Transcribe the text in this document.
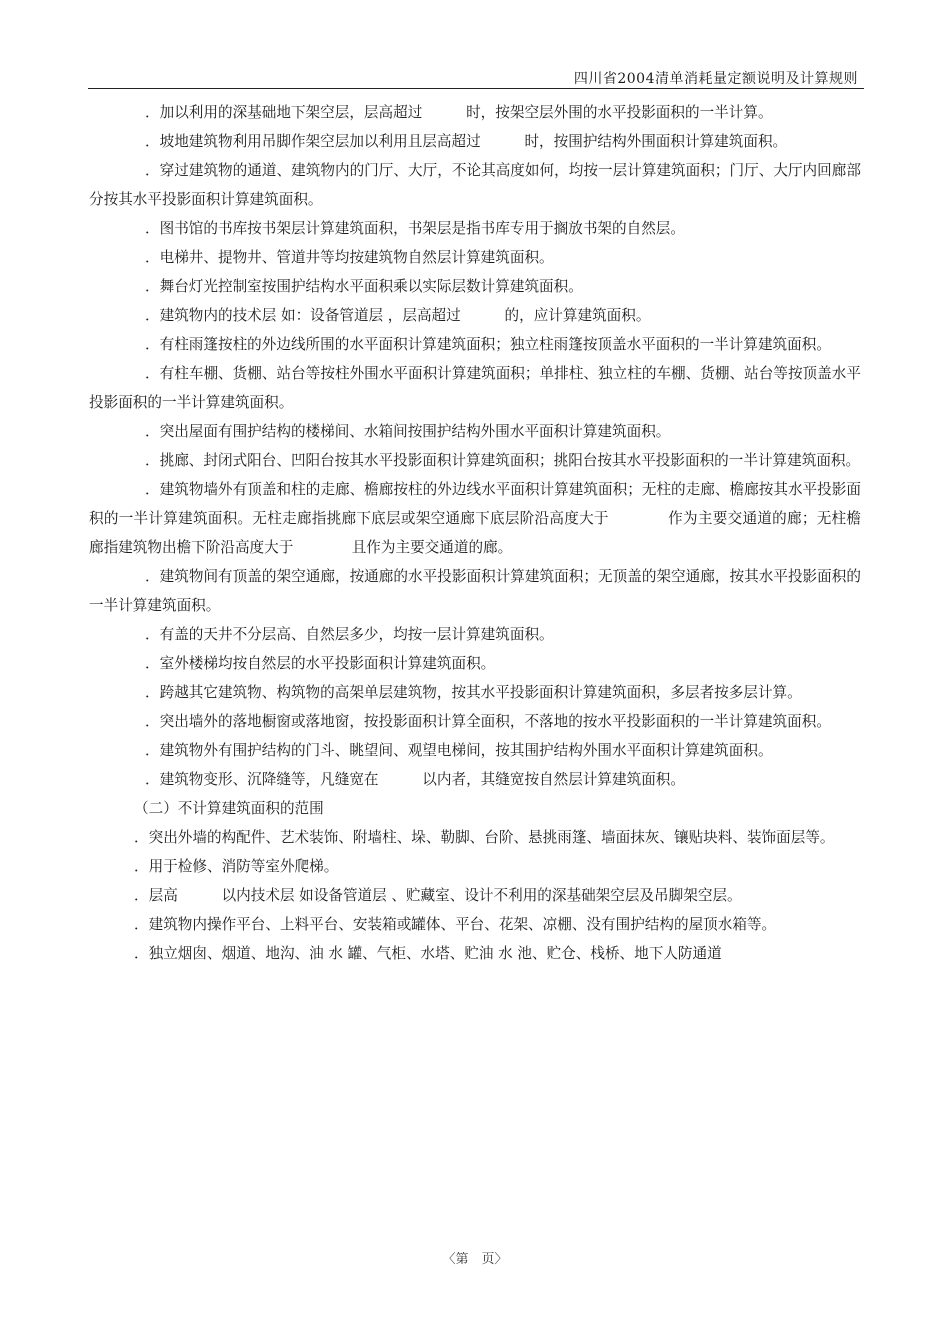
四川省2004清单消耗量定额说明及计算规则

．加以利用的深基础地下架空层，层高超过　　　时，按架空层外围的水平投影面积的一半计算。

．坡地建筑物利用吊脚作架空层加以利用且层高超过　　　时，按围护结构外围面积计算建筑面积。

．穿过建筑物的通道、建筑物内的门厅、大厅，不论其高度如何，均按一层计算建筑面积；门厅、大厅内回廊部分按其水平投影面积计算建筑面积。

．图书馆的书库按书架层计算建筑面积，书架层是指书库专用于搁放书架的自然层。

．电梯井、提物井、管道井等均按建筑物自然层计算建筑面积。

．舞台灯光控制室按围护结构水平面积乘以实际层数计算建筑面积。

．建筑物内的技术层 如：设备管道层 ，层高超过　　　的，应计算建筑面积。

．有柱雨篷按柱的外边线所围的水平面积计算建筑面积；独立柱雨篷按顶盖水平面积的一半计算建筑面积。

．有柱车棚、货棚、站台等按柱外围水平面积计算建筑面积；单排柱、独立柱的车棚、货棚、站台等按顶盖水平投影面积的一半计算建筑面积。

．突出屋面有围护结构的楼梯间、水箱间按围护结构外围水平面积计算建筑面积。

．挑廊、封闭式阳台、凹阳台按其水平投影面积计算建筑面积；挑阳台按其水平投影面积的一半计算建筑面积。

．建筑物墙外有顶盖和柱的走廊、檐廊按柱的外边线水平面积计算建筑面积；无柱的走廊、檐廊按其水平投影面积的一半计算建筑面积。无柱走廊指挑廊下底层或架空通廊下底层阶沿高度大于　　　　作为主要交通道的廊；无柱檐廊指建筑物出檐下阶沿高度大于　　　　且作为主要交通道的廊。

．建筑物间有顶盖的架空通廊，按通廊的水平投影面积计算建筑面积；无顶盖的架空通廊，按其水平投影面积的一半计算建筑面积。

．有盖的天井不分层高、自然层多少，均按一层计算建筑面积。

．室外楼梯均按自然层的水平投影面积计算建筑面积。

．跨越其它建筑物、构筑物的高架单层建筑物，按其水平投影面积计算建筑面积，多层者按多层计算。

．突出墙外的落地橱窗或落地窗，按投影面积计算全面积，不落地的按水平投影面积的一半计算建筑面积。

．建筑物外有围护结构的门斗、眺望间、观望电梯间，按其围护结构外围水平面积计算建筑面积。

．建筑物变形、沉降缝等，凡缝宽在　　　以内者，其缝宽按自然层计算建筑面积。

（二）不计算建筑面积的范围

．突出外墙的构配件、艺术装饰、附墙柱、垛、勒脚、台阶、悬挑雨篷、墙面抹灰、镶贴块料、装饰面层等。

．用于检修、消防等室外爬梯。

．层高　　　以内技术层 如设备管道层 、贮藏室、设计不利用的深基础架空层及吊脚架空层。

．建筑物内操作平台、上料平台、安装箱或罐体、平台、花架、凉棚、没有围护结构的屋顶水箱等。

．独立烟囱、烟道、地沟、油 水 罐、气柜、水塔、贮油 水 池、贮仓、栈桥、地下人防通道

〈第　页〉
